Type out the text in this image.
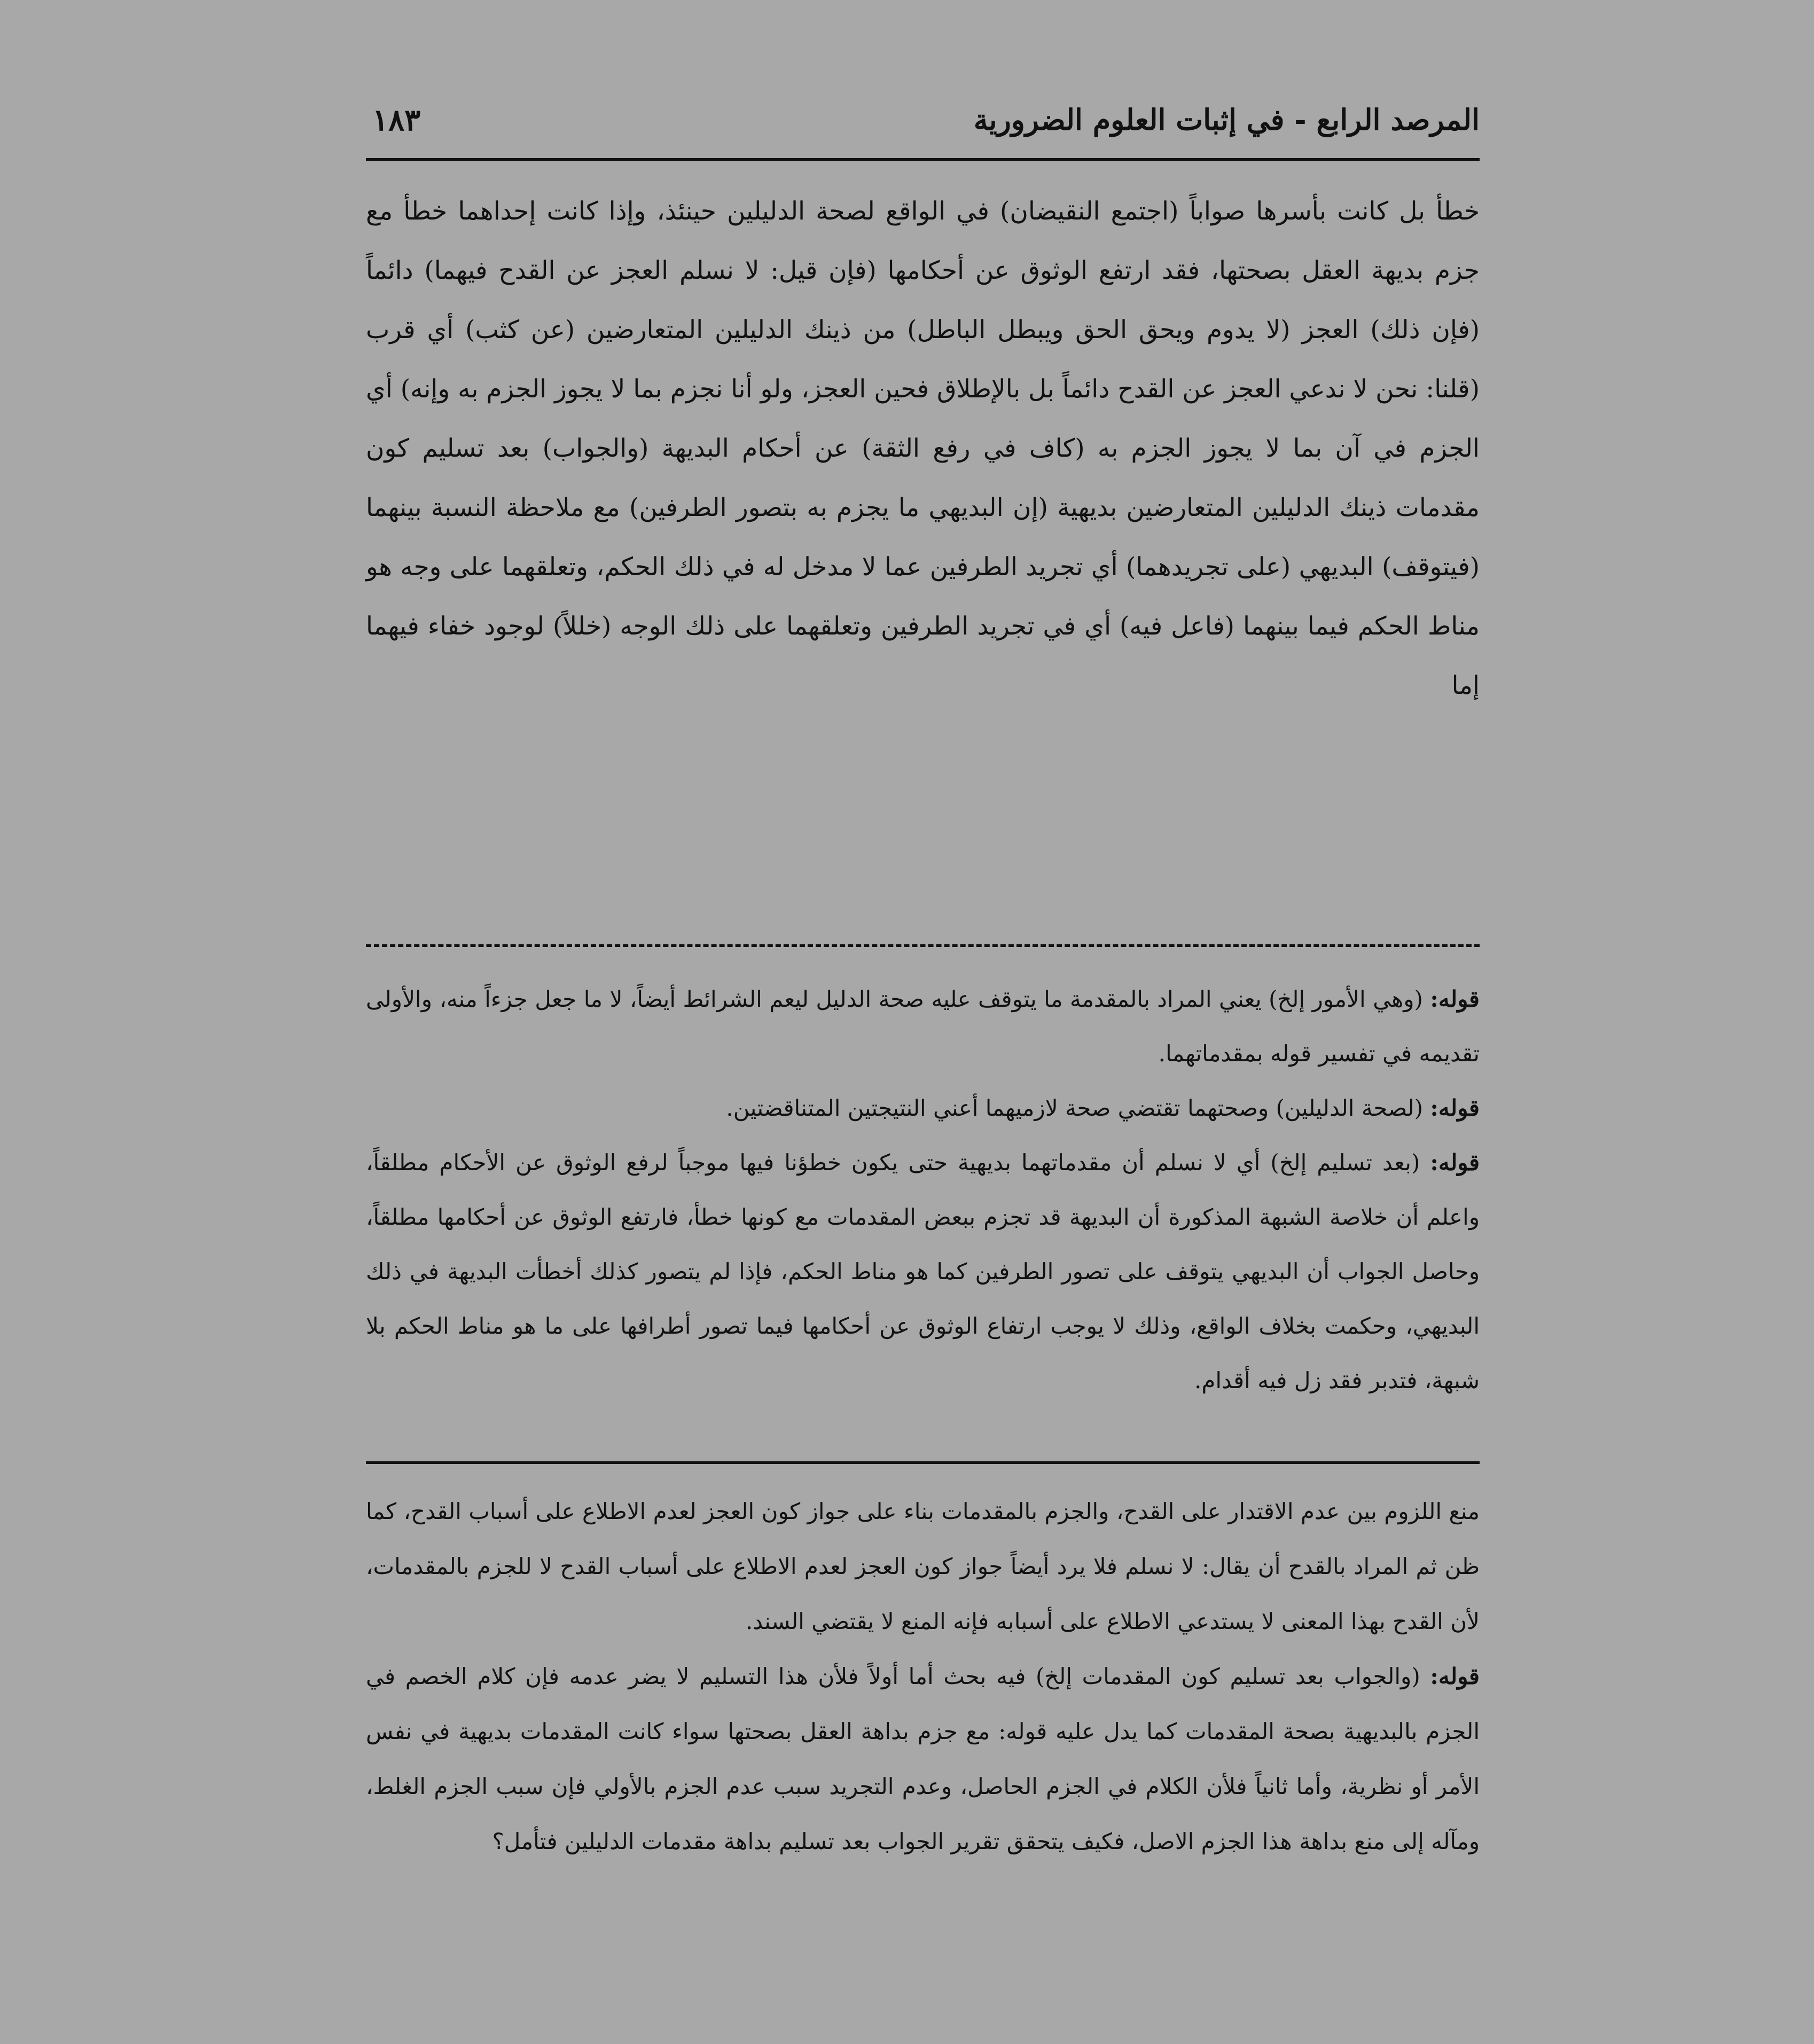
المرصد الرابع - في إثبات العلوم الضرورية
١٨٣

خطأ بل كانت بأسرها صواباً (اجتمع النقيضان) في الواقع لصحة الدليلين حينئذ، وإذا كانت إحداهما خطأ مع جزم بديهة العقل بصحتها، فقد ارتفع الوثوق عن أحكامها (فإن قيل: لا نسلم العجز عن القدح فيهما) دائماً (فإن ذلك) العجز (لا يدوم ويحق الحق ويبطل الباطل) من ذينك الدليلين المتعارضين (عن كثب) أي قرب (قلنا: نحن لا ندعي العجز عن القدح دائماً بل بالإطلاق فحين العجز، ولو أنا نجزم بما لا يجوز الجزم به وإنه) أي الجزم في آن بما لا يجوز الجزم به (كاف في رفع الثقة) عن أحكام البديهة (والجواب) بعد تسليم كون مقدمات ذينك الدليلين المتعارضين بديهية (إن البديهي ما يجزم به بتصور الطرفين) مع ملاحظة النسبة بينهما (فيتوقف) البديهي (على تجريدهما) أي تجريد الطرفين عما لا مدخل له في ذلك الحكم، وتعلقهما على وجه هو مناط الحكم فيما بينهما (فاعل فيه) أي في تجريد الطرفين وتعلقهما على ذلك الوجه (خللاً) لوجود خفاء فيهما إما

قوله: (وهي الأمور إلخ) يعني المراد بالمقدمة ما يتوقف عليه صحة الدليل ليعم الشرائط أيضاً، لا ما جعل جزءاً منه، والأولى تقديمه في تفسير قوله بمقدماتهما.

قوله: (لصحة الدليلين) وصحتهما تقتضي صحة لازميهما أعني النتيجتين المتناقضتين.

قوله: (بعد تسليم إلخ) أي لا نسلم أن مقدماتهما بديهية حتى يكون خطؤنا فيها موجباً لرفع الوثوق عن الأحكام مطلقاً، واعلم أن خلاصة الشبهة المذكورة أن البديهة قد تجزم ببعض المقدمات مع كونها خطأ، فارتفع الوثوق عن أحكامها مطلقاً، وحاصل الجواب أن البديهي يتوقف على تصور الطرفين كما هو مناط الحكم، فإذا لم يتصور كذلك أخطأت البديهة في ذلك البديهي، وحكمت بخلاف الواقع، وذلك لا يوجب ارتفاع الوثوق عن أحكامها فيما تصور أطرافها على ما هو مناط الحكم بلا شبهة، فتدبر فقد زل فيه أقدام.

منع اللزوم بين عدم الاقتدار على القدح، والجزم بالمقدمات بناء على جواز كون العجز لعدم الاطلاع على أسباب القدح، كما ظن ثم المراد بالقدح أن يقال: لا نسلم فلا يرد أيضاً جواز كون العجز لعدم الاطلاع على أسباب القدح لا للجزم بالمقدمات، لأن القدح بهذا المعنى لا يستدعي الاطلاع على أسبابه فإنه المنع لا يقتضي السند.

قوله: (والجواب بعد تسليم كون المقدمات إلخ) فيه بحث أما أولاً فلأن هذا التسليم لا يضر عدمه فإن كلام الخصم في الجزم بالبديهية بصحة المقدمات كما يدل عليه قوله: مع جزم بداهة العقل بصحتها سواء كانت المقدمات بديهية في نفس الأمر أو نظرية، وأما ثانياً فلأن الكلام في الجزم الحاصل، وعدم التجريد سبب عدم الجزم بالأولي فإن سبب الجزم الغلط، ومآله إلى منع بداهة هذا الجزم الاصل، فكيف يتحقق تقرير الجواب بعد تسليم بداهة مقدمات الدليلين فتأمل؟
